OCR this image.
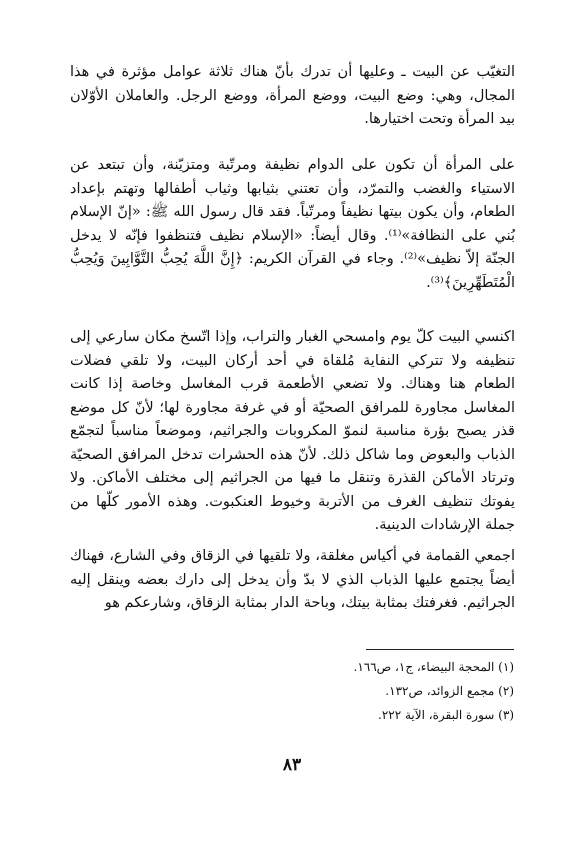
التغيّب عن البيت ـ وعليها أن تدرك بأنّ هناك ثلاثة عوامل مؤثرة في هذا المجال، وهي: وضع البيت، ووضع المرأة، ووضع الرجل. والعاملان الأوّلان بيد المرأة وتحت اختيارها.

على المرأة أن تكون على الدوام نظيفة ومرتّبة ومتزيّنة، وأن تبتعد عن الاستياء والغضب والتمرّد، وأن تعتني بثيابها وثياب أطفالها وتهتم بإعداد الطعام، وأن يكون بيتها نظيفاً ومرتّباً. فقد قال رسول الله ﷺ: «إنّ الإسلام بُني على النظافة»⁽¹⁾. وقال أيضاً: «الإسلام نظيف فتنظفوا فإنّه لا يدخل الجنّة إلاّ نظيف»⁽²⁾. وجاء في القرآن الكريم: ﴿إِنَّ اللَّهَ يُحِبُّ التَّوَّابِينَ وَيُحِبُّ الْمُتَطَهِّرِينَ﴾⁽³⁾.

اكنسي البيت كلّ يوم وامسحي الغبار والتراب، وإذا اتّسخ مكان سارعي إلى تنظيفه ولا تتركي النفاية مُلقاة في أحد أركان البيت، ولا تلقي فضلات الطعام هنا وهناك. ولا تضعي الأطعمة قرب المغاسل وخاصة إذا كانت المغاسل مجاورة للمرافق الصحيّة أو في غرفة مجاورة لها؛ لأنّ كل موضع قذر يصبح بؤرة مناسبة لنموّ المكروبات والجراثيم، وموضعاً مناسباً لتجمّع الذباب والبعوض وما شاكل ذلك. لأنّ هذه الحشرات تدخل المرافق الصحيّة وترتاد الأماكن القذرة وتنقل ما فيها من الجراثيم إلى مختلف الأماكن. ولا يفوتك تنظيف الغرف من الأتربة وخيوط العنكبوت. وهذه الأمور كلّها من جملة الإرشادات الدينية.

اجمعي القمامة في أكياس مغلقة، ولا تلقيها في الزقاق وفي الشارع، فهناك أيضاً يجتمع عليها الذباب الذي لا بدّ وأن يدخل إلى دارك بعضه وينقل إليه الجراثيم. فغرفتك بمثابة بيتك، وباحة الدار بمثابة الزقاق، وشارعكم هو

(١) المحجة البيضاء، ج١، ص١٦٦.

(٢) مجمع الزوائد، ص١٣٢.

(٣) سورة البقرة، الآية ٢٢٢.

٨٣
